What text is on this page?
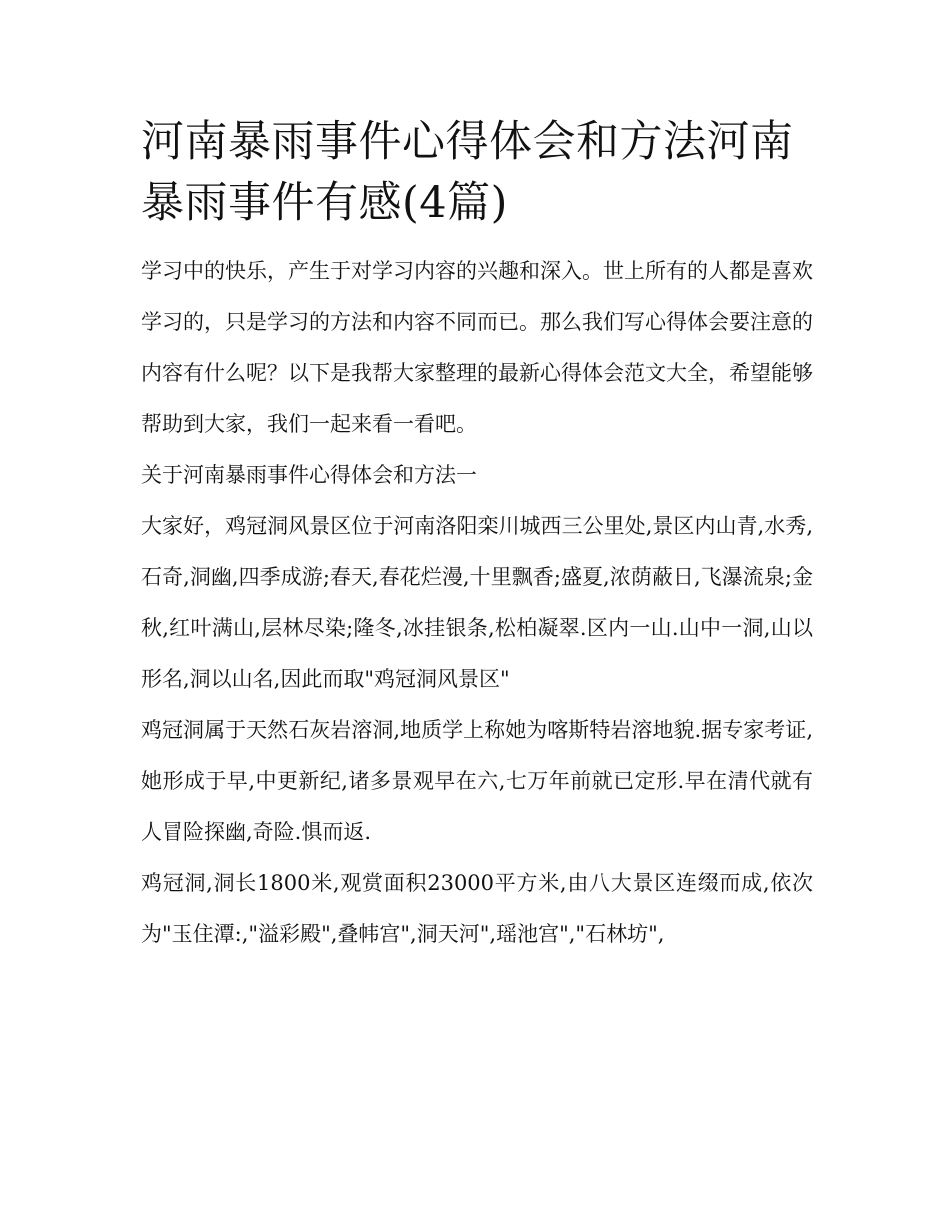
河南暴雨事件心得体会和方法河南暴雨事件有感(4篇)

学习中的快乐，产生于对学习内容的兴趣和深入。世上所有的人都是喜欢学习的，只是学习的方法和内容不同而已。那么我们写心得体会要注意的内容有什么呢？以下是我帮大家整理的最新心得体会范文大全，希望能够帮助到大家，我们一起来看一看吧。

关于河南暴雨事件心得体会和方法一

大家好，鸡冠洞风景区位于河南洛阳栾川城西三公里处,景区内山青,水秀,石奇,洞幽,四季成游;春天,春花烂漫,十里飘香;盛夏,浓荫蔽日,飞瀑流泉;金秋,红叶满山,层林尽染;隆冬,冰挂银条,松柏凝翠.区内一山.山中一洞,山以形名,洞以山名,因此而取"鸡冠洞风景区"

鸡冠洞属于天然石灰岩溶洞,地质学上称她为喀斯特岩溶地貌.据专家考证,她形成于早,中更新纪,诸多景观早在六,七万年前就已定形.早在清代就有人冒险探幽,奇险.惧而返.

鸡冠洞,洞长1800米,观赏面积23000平方米,由八大景区连缀而成,依次为"玉住潭:,"溢彩殿",叠帏宫",洞天河",瑶池宫","石林坊",
